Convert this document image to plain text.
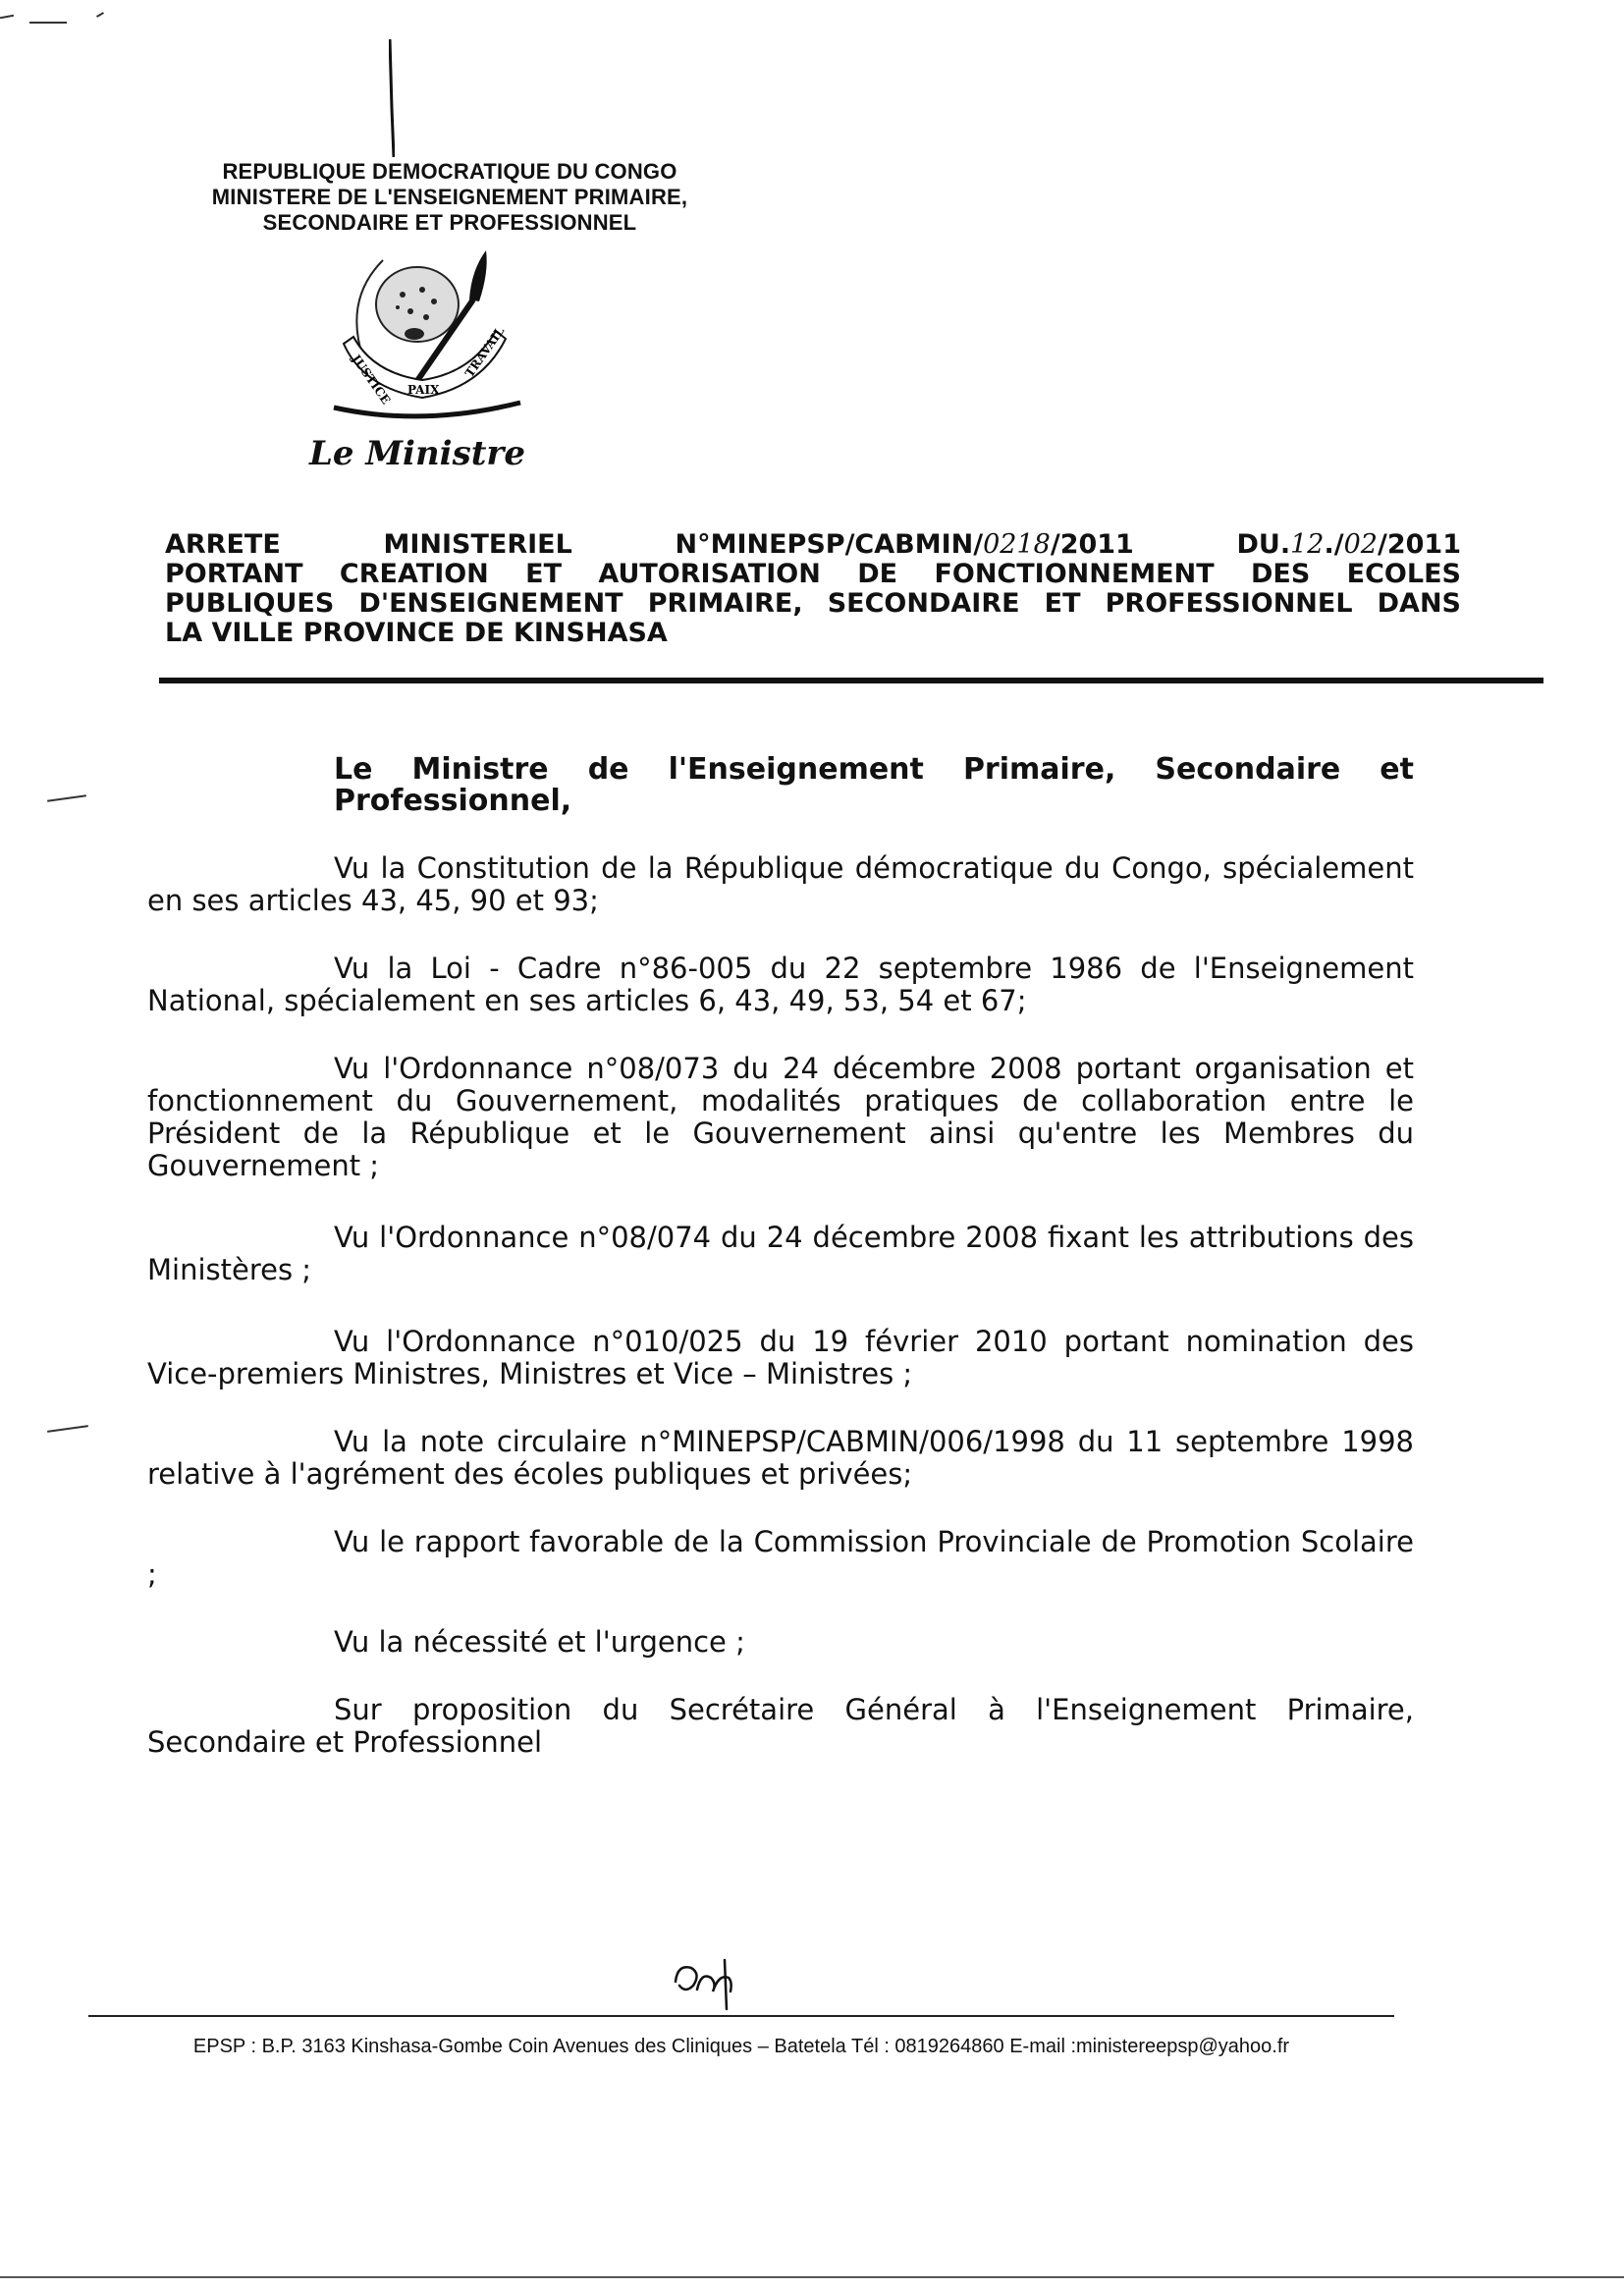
REPUBLIQUE DEMOCRATIQUE DU CONGO
MINISTERE DE L'ENSEIGNEMENT PRIMAIRE,
SECONDAIRE ET PROFESSIONNEL
JUSTICE PAIX
TRAVAIL
Le Ministre
ARRETE	MINISTERIEL	N°MINEPSP/CABMIN/0218/2011	DU.12./02/2011
PORTANT CREATION ET AUTORISATION DE FONCTIONNEMENT DES ECOLES
PUBLIQUES D'ENSEIGNEMENT PRIMAIRE, SECONDAIRE ET PROFESSIONNEL DANS
LA VILLE PROVINCE DE KINSHASA
Le Ministre de l'Enseignement Primaire, Secondaire et Professionnel,
Vu la Constitution de la République démocratique du Congo, spécialement en ses articles 43, 45, 90 et 93;
Vu la Loi - Cadre n°86-005 du 22 septembre 1986 de l'Enseignement National, spécialement en ses articles 6, 43, 49, 53, 54 et 67;
Vu l'Ordonnance n°08/073 du 24 décembre 2008 portant organisation et fonctionnement du Gouvernement, modalités pratiques de collaboration entre le Président de la République et le Gouvernement ainsi qu'entre les Membres du Gouvernement ;
Vu l'Ordonnance n°08/074 du 24 décembre 2008 fixant les attributions des Ministères ;
Vu l'Ordonnance n°010/025 du 19 février 2010 portant nomination des Vice-premiers Ministres, Ministres et Vice – Ministres ;
Vu la note circulaire n°MINEPSP/CABMIN/006/1998 du 11 septembre 1998 relative à l'agrément des écoles publiques et privées;
Vu le rapport favorable de la Commission Provinciale de Promotion Scolaire ;
Vu la nécessité et l'urgence ;
Sur proposition du Secrétaire Général à l'Enseignement Primaire, Secondaire et Professionnel
EPSP : B.P. 3163 Kinshasa-Gombe Coin Avenues des Cliniques – Batetela Tél : 0819264860 E-mail :ministereepsp@yahoo.fr
